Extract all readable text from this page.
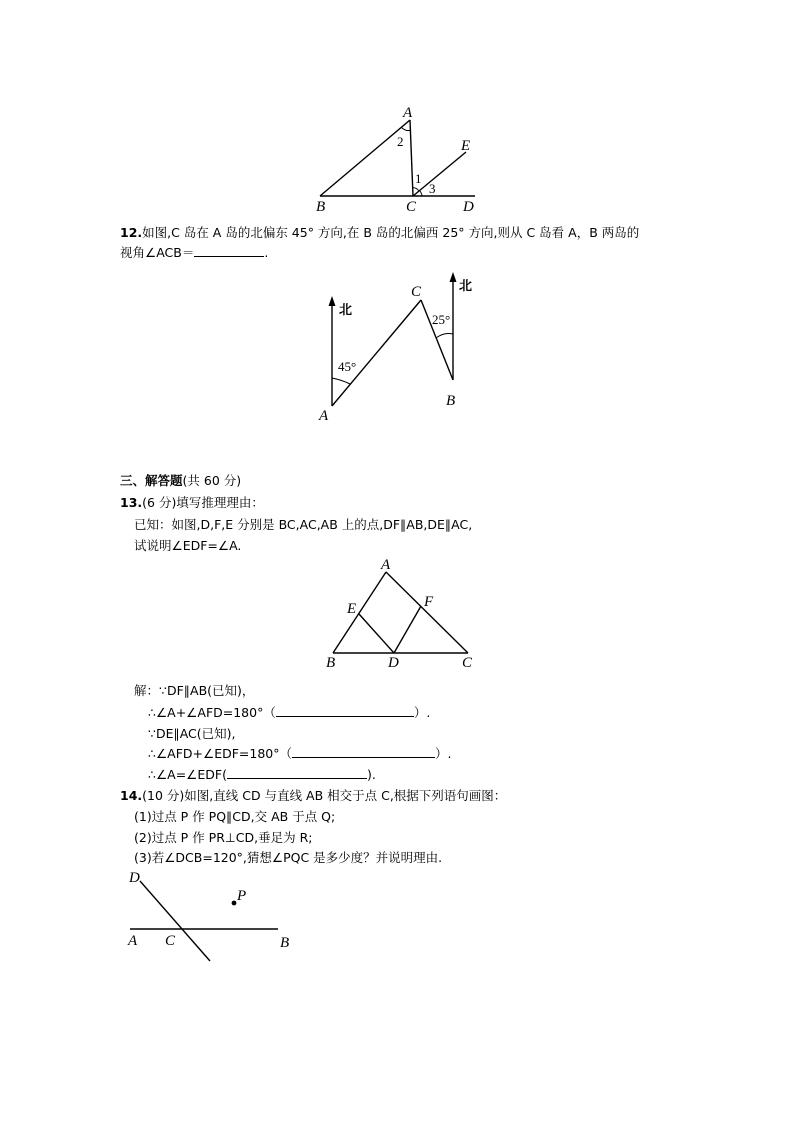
A
B	C	D
E
1
2
3
12.如图,C 岛在 A 岛的北偏东 45° 方向,在 B 岛的北偏西 25° 方向,则从 C 岛看 A，B 两岛的
视角∠ACB＝	.
北
北
45°
25°
A
B
C
三、解答题(共 60 分)
13.(6 分)填写推理理由：
已知：如图,D,F,E 分别是 BC,AC,AB 上的点,DF∥AB,DE∥AC,
试说明∠EDF=∠A.
A
B	C
D
E	F
解：∵DF∥AB(已知)，
∴∠A+∠AFD=180°（	）.
∵DE∥AC(已知),
∴∠AFD+∠EDF=180°（	）.
∴∠A=∠EDF(	).
14.(10 分)如图,直线 CD 与直线 AB 相交于点 C,根据下列语句画图：
(1)过点 P 作 PQ∥CD,交 AB 于点 Q;
(2)过点 P 作 PR⊥CD,垂足为 R;
(3)若∠DCB=120°,猜想∠PQC 是多少度？并说明理由.
D
P
A C	B
